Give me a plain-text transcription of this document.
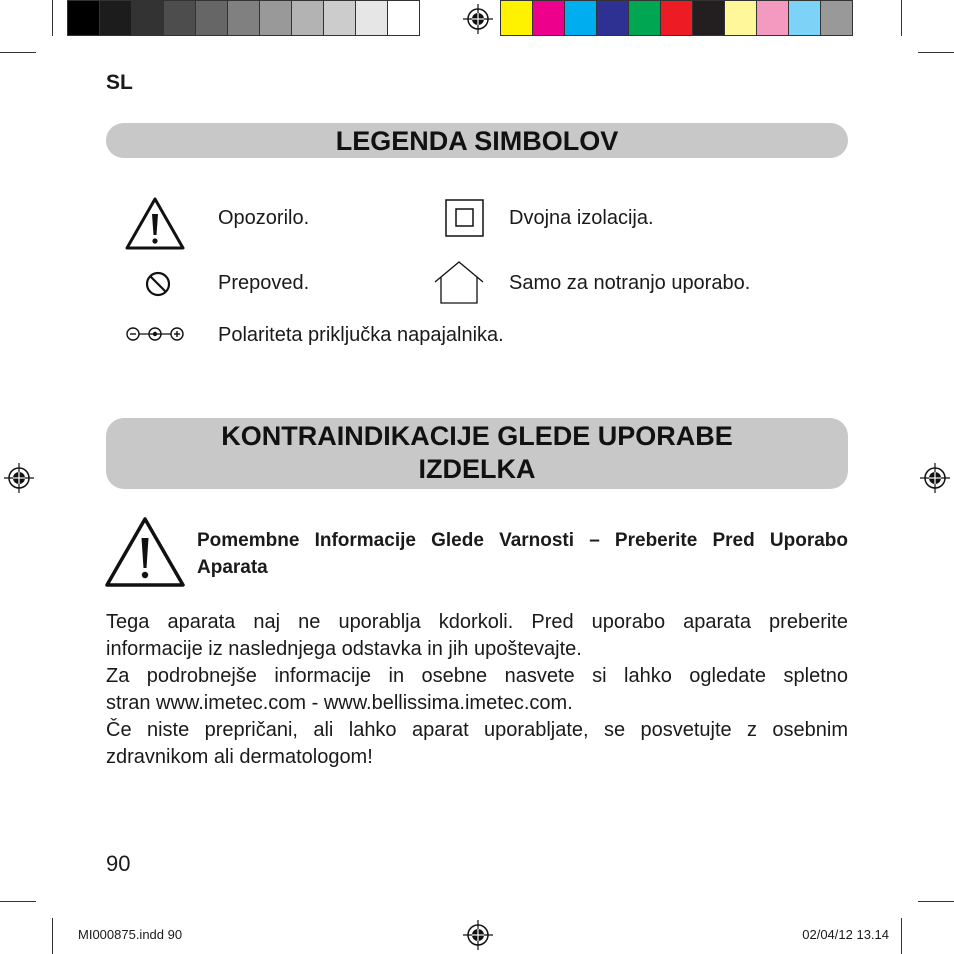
SL
LEGENDA SIMBOLOV
Opozorilo.	Dvojna izolacija.
Prepoved.	Samo za notranjo uporabo.
Polariteta priključka napajalnika.
KONTRAINDIKACIJE GLEDE UPORABE
IZDELKA
Pomembne Informacije Glede Varnosti – Preberite Pred Uporabo Aparata
Tega aparata naj ne uporablja kdorkoli. Pred uporabo aparata preberite
informacije iz naslednjega odstavka in jih upoštevajte.
Za podrobnejše informacije in osebne nasvete si lahko ogledate spletno
stran www.imetec.com - www.bellissima.imetec.com.
Če niste prepričani, ali lahko aparat uporabljate, se posvetujte z osebnim
zdravnikom ali dermatologom!
90
MI000875.indd 90	02/04/12 13.14
